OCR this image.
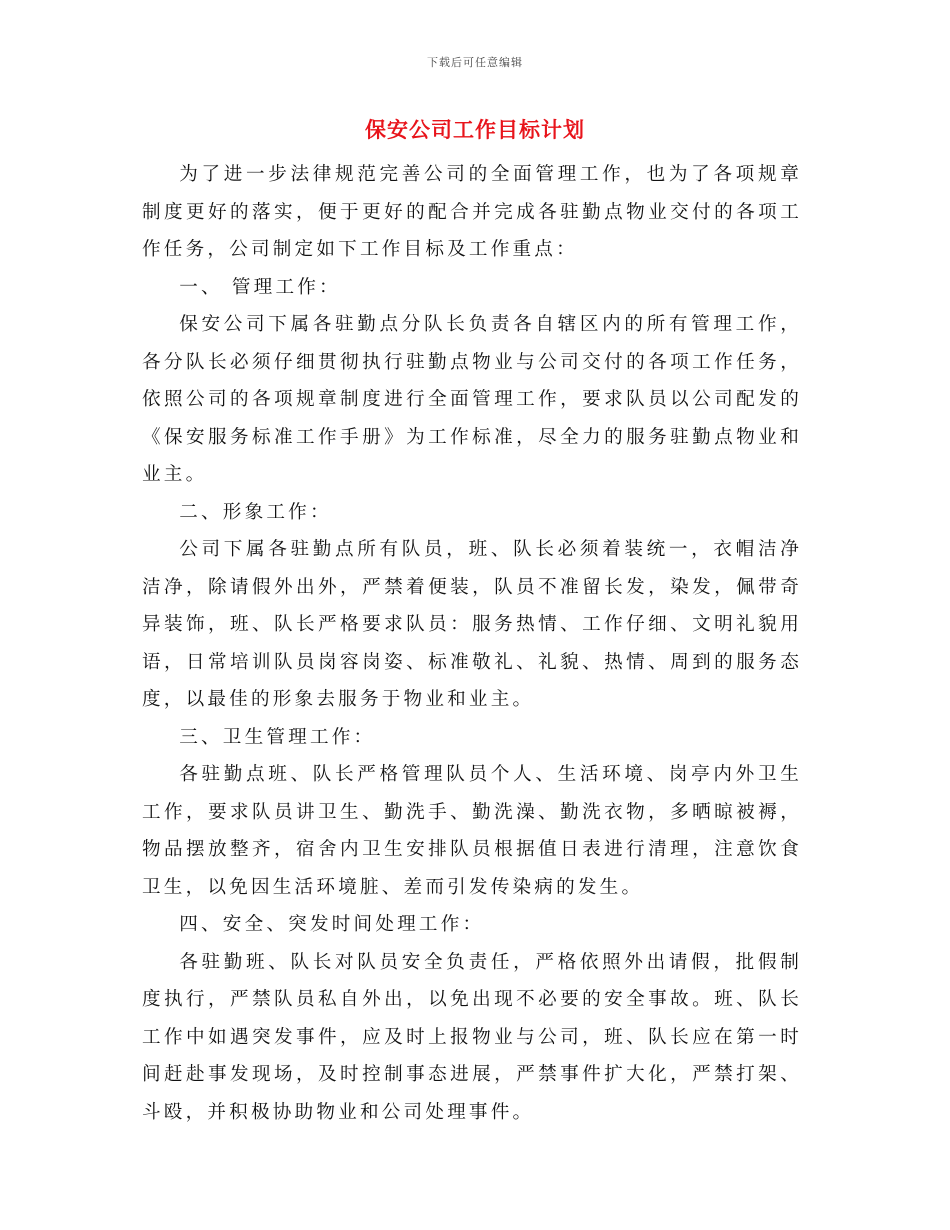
下载后可任意编辑
保安公司工作目标计划

为了进一步法律规范完善公司的全面管理工作，也为了各项规章制度更好的落实，便于更好的配合并完成各驻勤点物业交付的各项工作任务，公司制定如下工作目标及工作重点：

一、 管理工作：

保安公司下属各驻勤点分队长负责各自辖区内的所有管理工作，各分队长必须仔细贯彻执行驻勤点物业与公司交付的各项工作任务，依照公司的各项规章制度进行全面管理工作，要求队员以公司配发的《保安服务标准工作手册》为工作标准，尽全力的服务驻勤点物业和业主。

二、形象工作：

公司下属各驻勤点所有队员，班、队长必须着装统一，衣帽洁净洁净，除请假外出外，严禁着便装，队员不准留长发，染发，佩带奇异装饰，班、队长严格要求队员：服务热情、工作仔细、文明礼貌用语，日常培训队员岗容岗姿、标准敬礼、礼貌、热情、周到的服务态度，以最佳的形象去服务于物业和业主。

三、卫生管理工作：

各驻勤点班、队长严格管理队员个人、生活环境、岗亭内外卫生工作，要求队员讲卫生、勤洗手、勤洗澡、勤洗衣物，多晒晾被褥，物品摆放整齐，宿舍内卫生安排队员根据值日表进行清理，注意饮食卫生，以免因生活环境脏、差而引发传染病的发生。

四、安全、突发时间处理工作：

各驻勤班、队长对队员安全负责任，严格依照外出请假，批假制度执行，严禁队员私自外出，以免出现不必要的安全事故。班、队长工作中如遇突发事件，应及时上报物业与公司，班、队长应在第一时间赶赴事发现场，及时控制事态进展，严禁事件扩大化，严禁打架、斗殴，并积极协助物业和公司处理事件。
